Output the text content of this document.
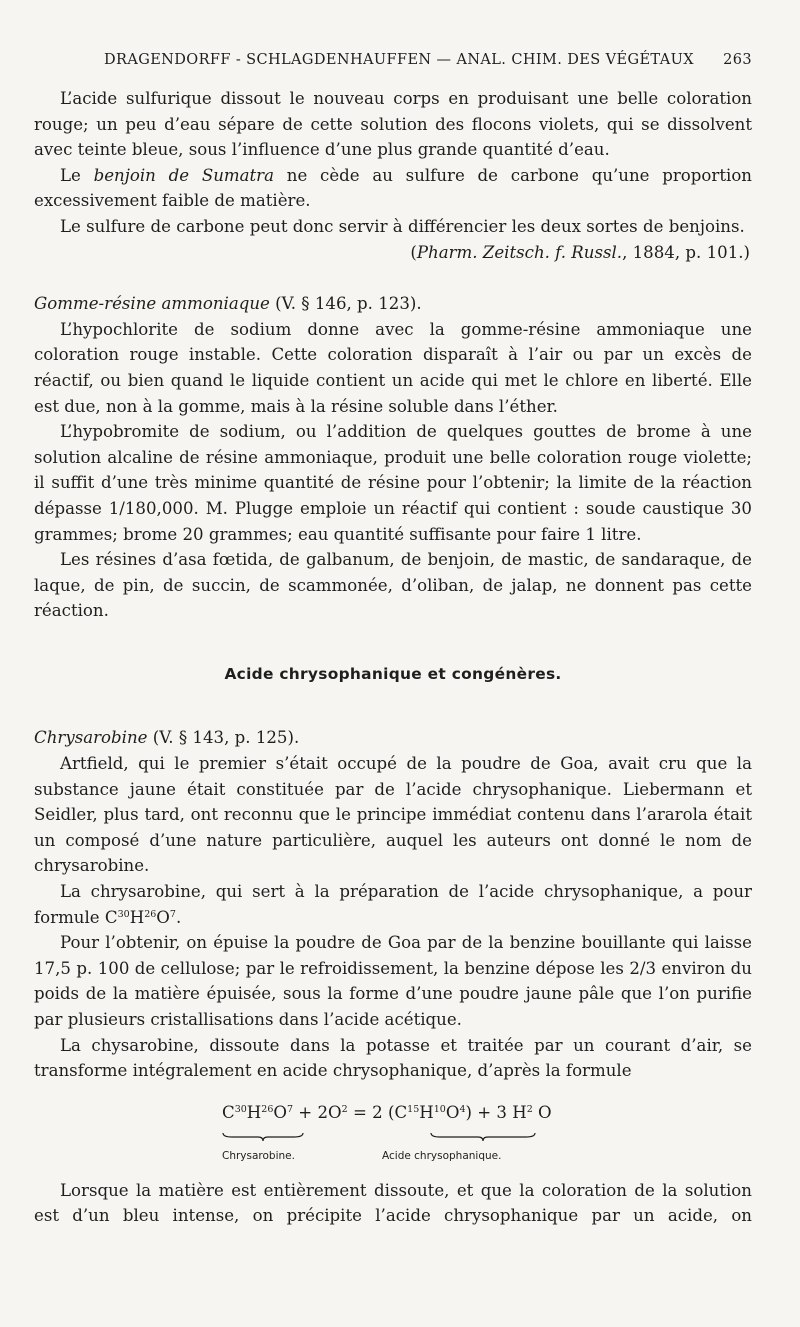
DRAGENDORFF - SCHLAGDENHAUFFEN — ANAL. CHIM. DES VÉGÉTAUX 263

L’acide sulfurique dissout le nouveau corps en produisant une belle coloration rouge; un peu d’eau sépare de cette solution des flocons violets, qui se dissolvent avec teinte bleue, sous l’influence d’une plus grande quantité d’eau.

Le benjoin de Sumatra ne cède au sulfure de carbone qu’une proportion excessivement faible de matière.

Le sulfure de carbone peut donc servir à différencier les deux sortes de benjoins.

(Pharm. Zeitsch. f. Russl., 1884, p. 101.)

Gomme-résine ammoniaque (V. § 146, p. 123).

L’hypochlorite de sodium donne avec la gomme-résine ammoniaque une coloration rouge instable. Cette coloration disparaît à l’air ou par un excès de réactif, ou bien quand le liquide contient un acide qui met le chlore en liberté. Elle est due, non à la gomme, mais à la résine soluble dans l’éther.

L’hypobromite de sodium, ou l’addition de quelques gouttes de brome à une solution alcaline de résine ammoniaque, produit une belle coloration rouge violette; il suffit d’une très minime quantité de résine pour l’obtenir; la limite de la réaction dépasse 1/180,000. M. Plugge emploie un réactif qui contient : soude caustique 30 grammes; brome 20 grammes; eau quantité suffisante pour faire 1 litre.

Les résines d’asa fœtida, de galbanum, de benjoin, de mastic, de sandaraque, de laque, de pin, de succin, de scammonée, d’oliban, de jalap, ne donnent pas cette réaction.

Acide chrysophanique et congénères.

Chrysarobine (V. § 143, p. 125).

Artfield, qui le premier s’était occupé de la poudre de Goa, avait cru que la substance jaune était constituée par de l’acide chrysophanique. Liebermann et Seidler, plus tard, ont reconnu que le principe immédiat contenu dans l’ararola était un composé d’une nature particulière, auquel les auteurs ont donné le nom de chrysarobine.

La chrysarobine, qui sert à la préparation de l’acide chrysophanique, a pour formule $C^{30}H^{26}O^7$.

Pour l’obtenir, on épuise la poudre de Goa par de la benzine bouillante qui laisse 17,5 p. 100 de cellulose; par le refroidissement, la benzine dépose les 2/3 environ du poids de la matière épuisée, sous la forme d’une poudre jaune pâle que l’on purifie par plusieurs cristallisations dans l’acide acétique.

La chysarobine, dissoute dans la potasse et traitée par un courant d’air, se transforme intégralement en acide chrysophanique, d’après la formule

$C^{30}H^{26}O^7 + 2O^2 = 2$ $(C^{15}H^{10}O^4) + 3$ $H^2$ O
Chrysarobine.	Acide chrysophanique.

Lorsque la matière est entièrement dissoute, et que la coloration de la solution est d’un bleu intense, on précipite l’acide chrysophanique par un acide, on
